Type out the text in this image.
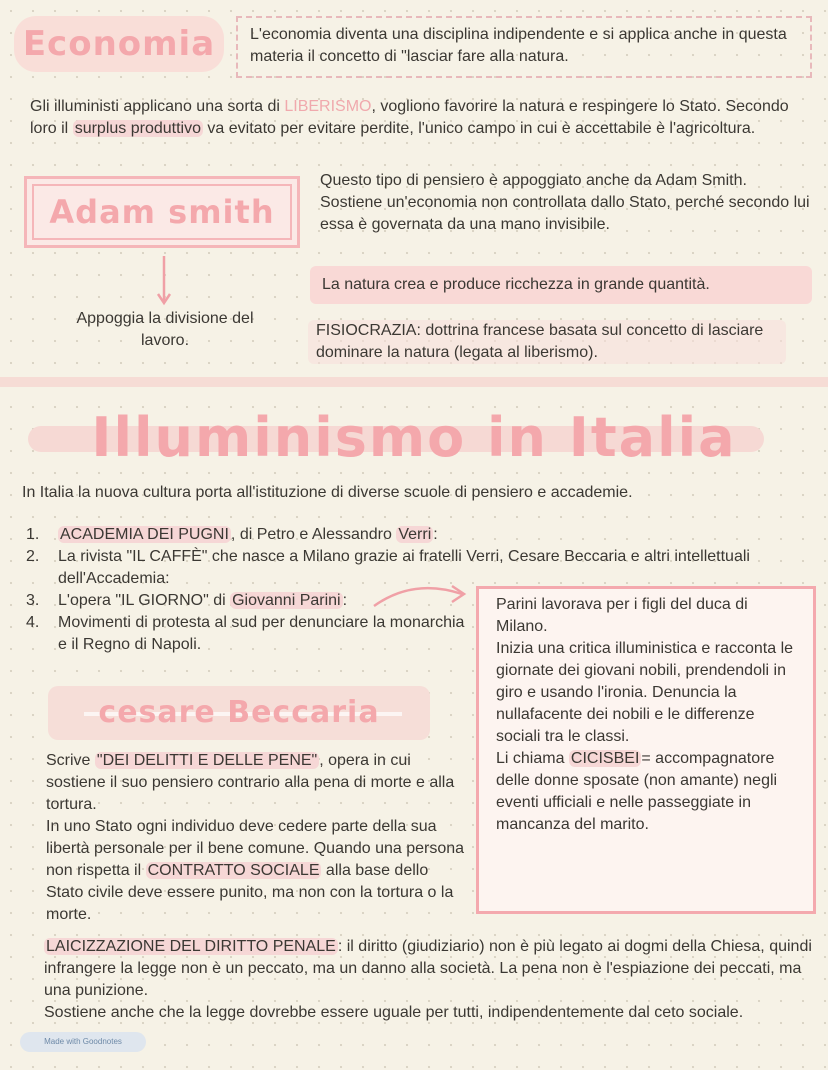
Economia	L'economia diventa una disciplina indipendente e si applica anche in questa materia il concetto di "lasciar fare alla natura.
Gli illuministi applicano una sorta di LIBERISMO, vogliono favorire la natura e respingere lo Stato. Secondo loro il surplus produttivo va evitato per evitare perdite, l'unico campo in cui è accettabile è l'agricoltura.
Adam smith
Appoggia la divisione del lavoro.
Questo tipo di pensiero è appoggiato anche da Adam Smith. Sostiene un'economia non controllata dallo Stato, perché secondo lui essa è governata da una mano invisibile.
La natura crea e produce ricchezza in grande quantità.
FISIOCRAZIA: dottrina francese basata sul concetto di lasciare dominare la natura (legata al liberismo).
Illuminismo in Italia
In Italia la nuova cultura porta all'istituzione di diverse scuole di pensiero e accademie.
1. ACADEMIA DEI PUGNI , di Petro e Alessandro Verri :
2. La rivista "IL CAFFÈ" che nasce a Milano grazie ai fratelli Verri, Cesare Beccaria e altri intellettuali dell'Accademia:
3. L'opera "IL GIORNO" di Giovanni Parini :
4. Movimenti di protesta al sud per denunciare la monarchia e il Regno di Napoli.
Parini lavorava per i figli del duca di Milano.
Inizia una critica illuministica e racconta le giornate dei giovani nobili, prendendoli in giro e usando l'ironia. Denuncia la nullafacente dei nobili e le differenze sociali tra le classi.
Li chiama CICISBEI = accompagnatore delle donne sposate (non amante) negli eventi ufficiali e nelle passeggiate in mancanza del marito.
cesare Beccaria
Scrive "DEI DELITTI E DELLE PENE" , opera in cui sostiene il suo pensiero contrario alla pena di morte e alla tortura.
In uno Stato ogni individuo deve cedere parte della sua libertà personale per il bene comune. Quando una persona non rispetta il CONTRATTO SOCIALE alla base dello Stato civile deve essere punito, ma non con la tortura o la morte.
LAICIZZAZIONE DEL DIRITTO PENALE : il diritto (giudiziario) non è più legato ai dogmi della Chiesa, quindi infrangere la legge non è un peccato, ma un danno alla società. La pena non è l'espiazione dei peccati, ma una punizione.
Sostiene anche che la legge dovrebbe essere uguale per tutti, indipendentemente dal ceto sociale.
Made with Goodnotes
